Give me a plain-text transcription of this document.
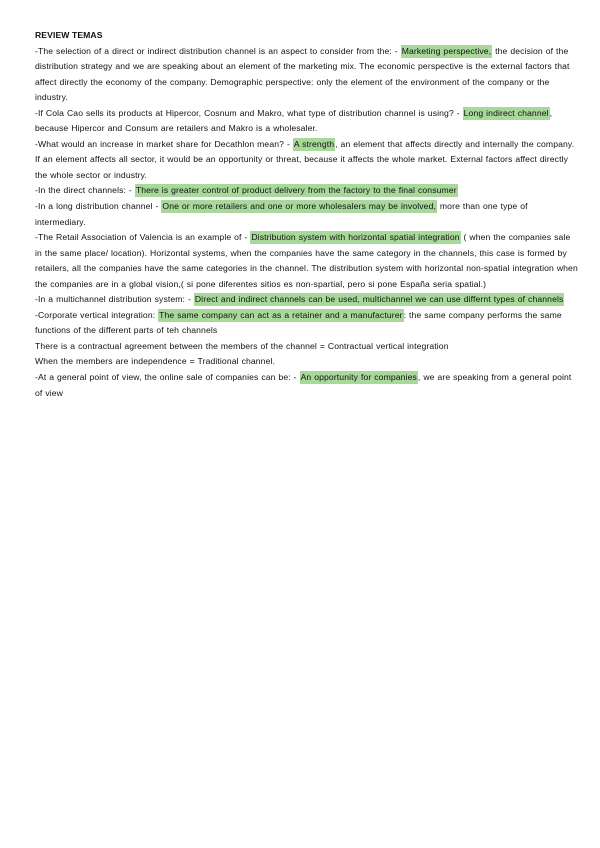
REVIEW TEMAS

-The selection of a direct or indirect distribution channel is an aspect to consider from the: - Marketing perspective, the decision of the distribution strategy and we are speaking about an element of the marketing mix. The economic perspective is the external factors that affect directly the economy of the company. Demographic perspective: only the element of the environment of the company or the industry.

-If Cola Cao sells its products at Hipercor, Cosnum and Makro, what type of distribution channel is using? - Long indirect channel, because Hipercor and Consum are retailers and Makro is a wholesaler.

-What would an increase in market share for Decathlon mean? - A strength, an element that affects directly and internally the company. If an element affects all sector, it would be an opportunity or threat, because it affects the whole market. External factors affect directly the whole sector or industry.

-In the direct channels: - There is greater control of product delivery from the factory to the final consumer

-In a long distribution channel - One or more retailers and one or more wholesalers may be involved, more than one type of intermediary.

-The Retail Association of Valencia is an example of - Distribution system with horizontal spatial integration ( when the companies sale in the same place/ location). Horizontal systems, when the companies have the same category in the channels, this case is formed by retailers, all the companies have the same categories in the channel. The distribution system with horizontal non-spatial integration when the companies are in a global vision,( si pone diferentes sitios es non-spartial, pero si pone España seria spatial.)

-In a multichannel distribution system: - Direct and indirect channels can be used, multichannel we can use differnt types of channels

-Corporate vertical integration: The same company can act as a retainer and a manufacturer: the same company performs the same functions of the different parts of teh channels

There is a contractual agreement between the members of the channel = Contractual vertical integration

When the members are independence = Traditional channel.

-At a general point of view, the online sale of companies can be: - An opportunity for companies, we are speaking from a general point of view
